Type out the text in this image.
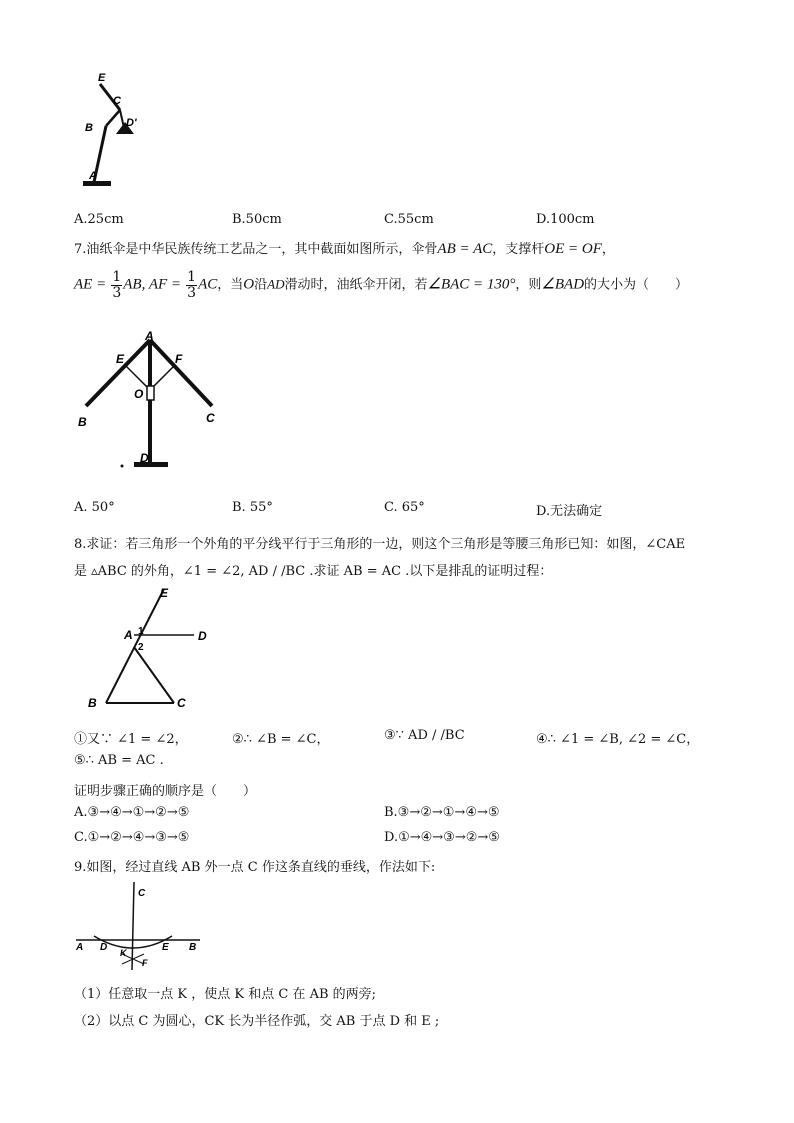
E
C
B	D'
A
A.25cm	B.50cm	C.55cm	D.100cm
7.油纸伞是中华民族传统工艺品之一，其中截面如图所示，伞骨AB = AC，支撑杆OE = OF，
AE = $\frac{1}{3}$ AB, AF = $\frac{1}{3}$ AC，当O沿AD滑动时，油纸伞开闭，若∠BAC = 130°，则∠BAD的大小为（　　）
A
E	F
O
B	C
D
A. 50°	B. 55°	C. 65°	D.无法确定
8.求证：若三角形一个外角的平分线平行于三角形的一边，则这个三角形是等腰三角形已知：如图，∠CAE
是 ▵ABC 的外角，∠1 = ∠2, AD / /BC .求证 AB = AC .以下是排乱的证明过程：
E
A 1
2
D
B	C
①又∵ ∠1 = ∠2，	②∴ ∠B = ∠C，	③∵ AD / /BC	④∴ ∠1 = ∠B, ∠2 = ∠C，
⑤∴ AB = AC .
证明步骤正确的顺序是（　　）
A.③→④→①→②→⑤	B.③→②→①→④→⑤
C.①→②→④→③→⑤	D.①→④→③→②→⑤
9.如图，经过直线 AB 外一点 C 作这条直线的垂线，作法如下:
C
A D	E B
K
F
（1）任意取一点 K ，使点 K 和点 C 在 AB 的两旁;
（2）以点 C 为圆心，CK 长为半径作弧，交 AB 于点 D 和 E ;
